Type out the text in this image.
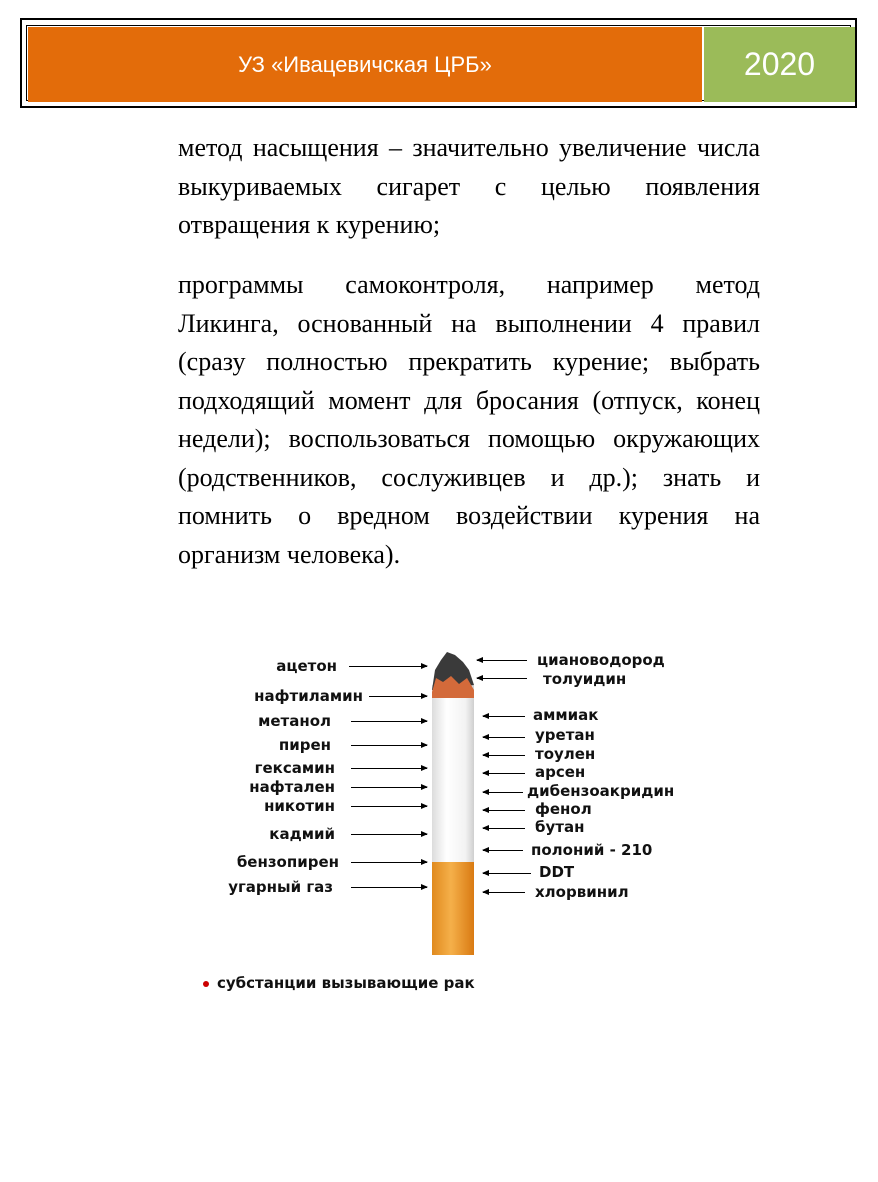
УЗ «Ивацевичская ЦРБ»	2020

метод насыщения – значительно увеличение числа выкуриваемых сигарет с целью появления отвращения к курению;

программы самоконтроля, например метод Ликинга, основанный на выполнении 4 правил (сразу полностью прекратить курение; выбрать подходящий момент для бросания (отпуск, конец недели); воспользоваться помощью окружающих (родственников, сослуживцев и др.); знать и помнить о вредном воздействии курения на организм человека).

ацетон
нафтиламин
метанол
пирен
гексамин
нафтален
никотин
кадмий
бензопирен
угарный газ
циановодород
толуидин
аммиак
уретан
тоулен
арсен
дибензоакридин
фенол
бутан
полоний - 210
DDT
хлорвинил
субстанции вызывающие рак
